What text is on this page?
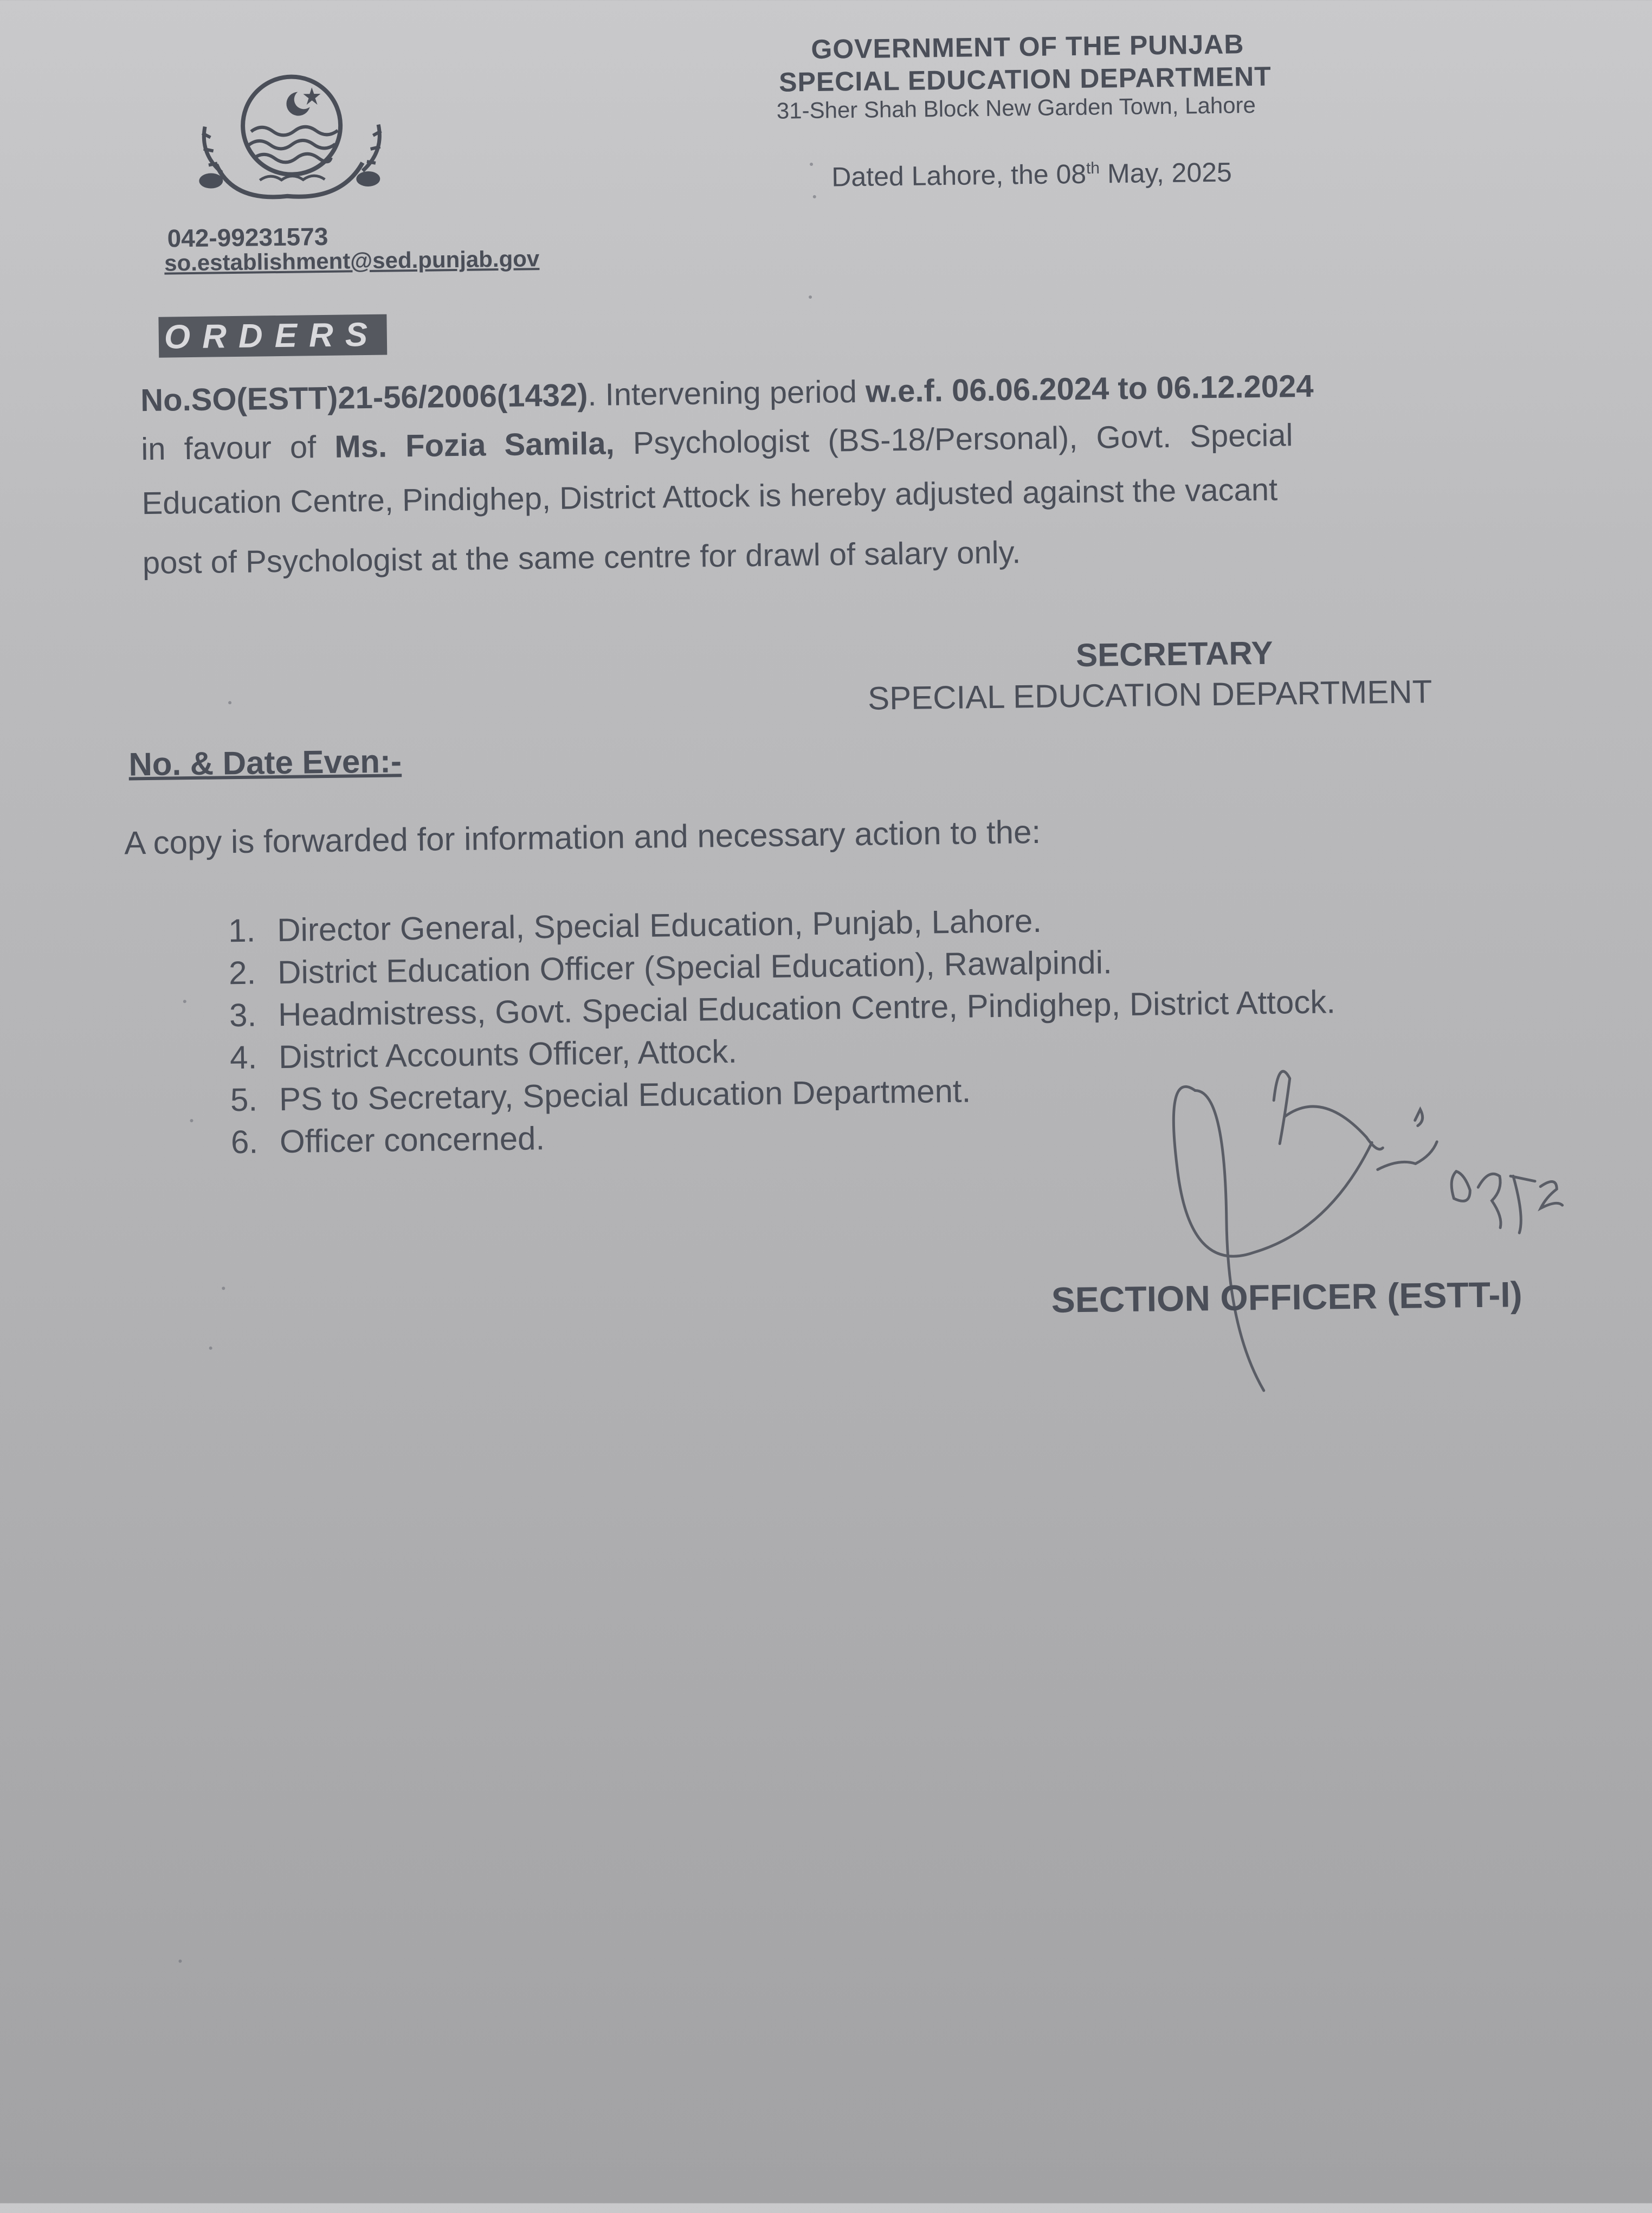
GOVERNMENT OF THE PUNJAB
SPECIAL EDUCATION DEPARTMENT
31-Sher Shah Block New Garden Town, Lahore
Dated Lahore, the 08th May, 2025
042-99231573
so.establishment@sed.punjab.gov
ORDERS
No.SO(ESTT)21-56/2006(1432). Intervening period w.e.f. 06.06.2024 to 06.12.2024
in favour of Ms. Fozia Samila, Psychologist (BS-18/Personal), Govt. Special
Education Centre, Pindighep, District Attock is hereby adjusted against the vacant
post of Psychologist at the same centre for drawl of salary only.
SECRETARY
SPECIAL EDUCATION DEPARTMENT
No. & Date Even:-
A copy is forwarded for information and necessary action to the:
1. Director General, Special Education, Punjab, Lahore.
2. District Education Officer (Special Education), Rawalpindi.
3. Headmistress, Govt. Special Education Centre, Pindighep, District Attock.
4. District Accounts Officer, Attock.
5. PS to Secretary, Special Education Department.
6. Officer concerned.
SECTION OFFICER (ESTT-I)
